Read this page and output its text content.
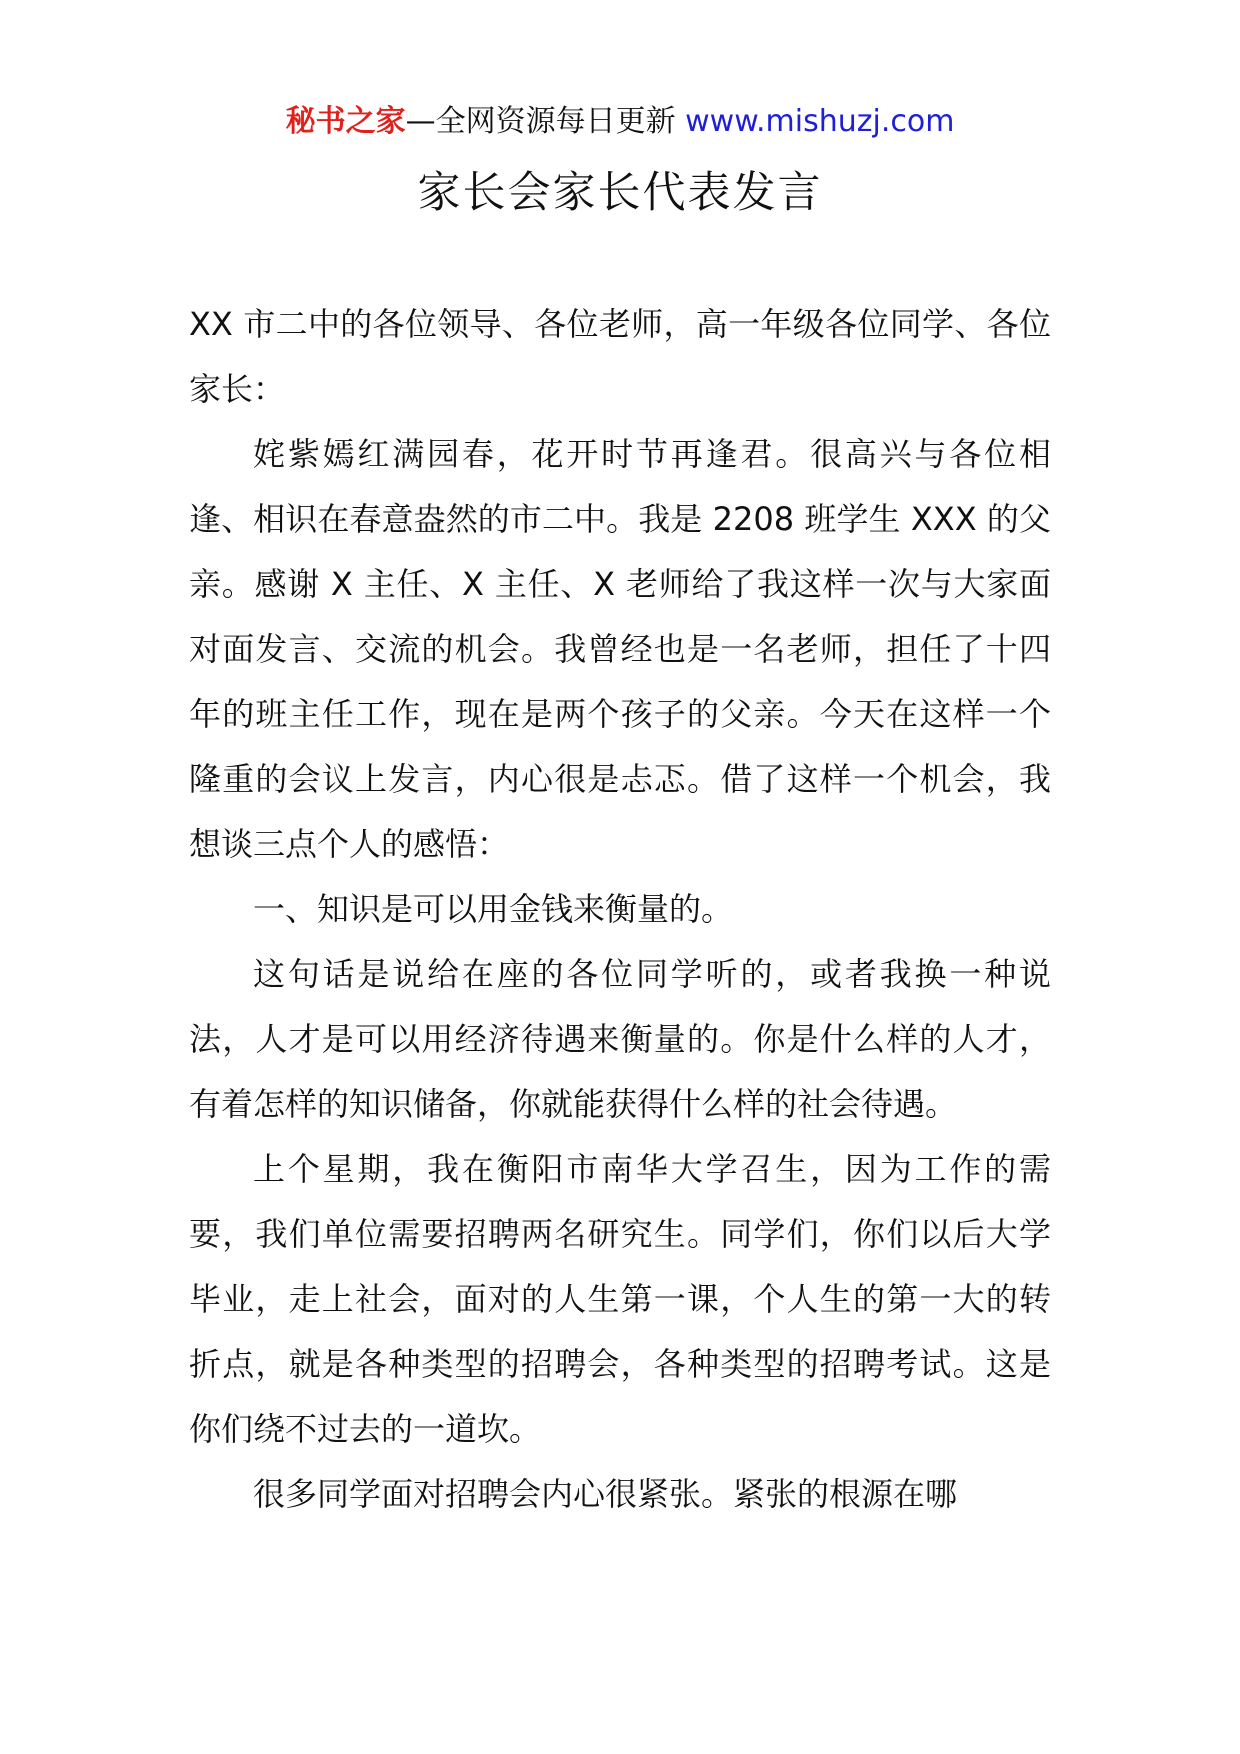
秘书之家—全网资源每日更新 www.mishuzj.com
家长会家长代表发言

XX 市二中的各位领导、各位老师，高一年级各位同学、各位家长：

姹紫嫣红满园春，花开时节再逢君。很高兴与各位相逢、相识在春意盎然的市二中。我是 2208 班学生 XXX 的父亲。感谢 X 主任、X 主任、X 老师给了我这样一次与大家面对面发言、交流的机会。我曾经也是一名老师，担任了十四年的班主任工作，现在是两个孩子的父亲。今天在这样一个隆重的会议上发言，内心很是忐忑。借了这样一个机会，我想谈三点个人的感悟：

一、知识是可以用金钱来衡量的。

这句话是说给在座的各位同学听的，或者我换一种说法，人才是可以用经济待遇来衡量的。你是什么样的人才，有着怎样的知识储备，你就能获得什么样的社会待遇。

上个星期，我在衡阳市南华大学召生，因为工作的需要，我们单位需要招聘两名研究生。同学们，你们以后大学毕业，走上社会，面对的人生第一课，个人生的第一大的转折点，就是各种类型的招聘会，各种类型的招聘考试。这是你们绕不过去的一道坎。

很多同学面对招聘会内心很紧张。紧张的根源在哪
